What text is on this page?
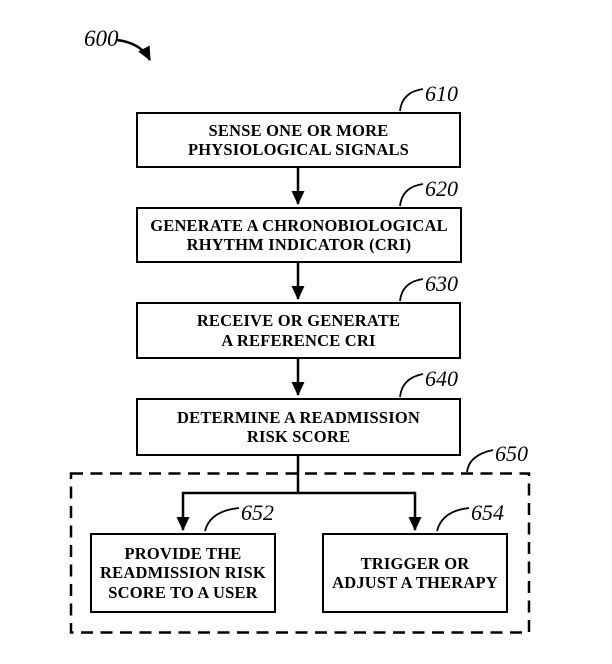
600
SENSE ONE OR MORE
PHYSIOLOGICAL SIGNALS
610
GENERATE A CHRONOBIOLOGICAL
RHYTHM INDICATOR (CRI)
620
RECEIVE OR GENERATE
A REFERENCE CRI
630
DETERMINE A READMISSION
RISK SCORE
640
650
PROVIDE THE
READMISSION RISK
SCORE TO A USER
652
TRIGGER OR
ADJUST A THERAPY
654
